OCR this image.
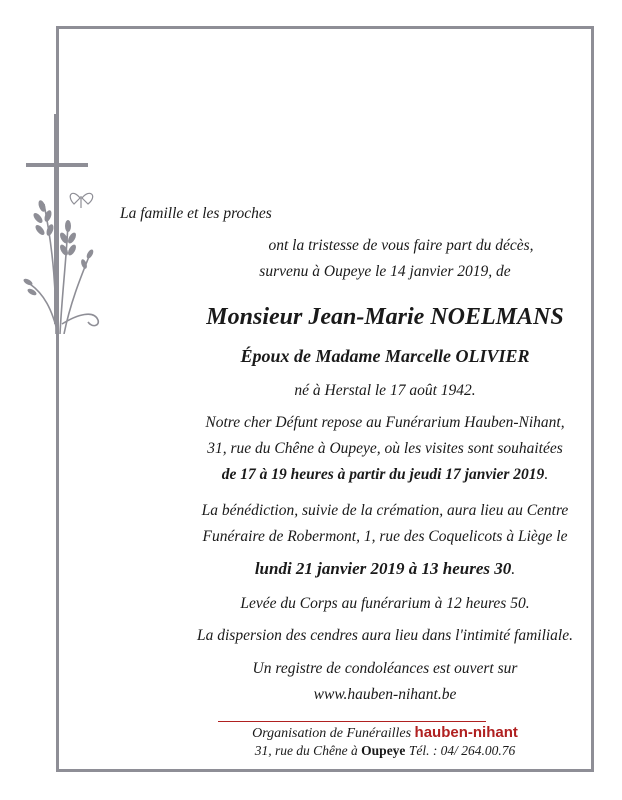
La famille et les proches
ont la tristesse de vous faire part du décès,
survenu à Oupeye le 14 janvier 2019, de
Monsieur Jean-Marie NOELMANS
Époux de Madame Marcelle OLIVIER
né à Herstal le 17 août 1942.
Notre cher Défunt repose au Funérarium Hauben-Nihant,
31, rue du Chêne à Oupeye, où les visites sont souhaitées
de 17 à 19 heures à partir du jeudi 17 janvier 2019.
La bénédiction, suivie de la crémation, aura lieu au Centre
Funéraire de Robermont, 1, rue des Coquelicots à Liège le
lundi 21 janvier 2019 à 13 heures 30.
Levée du Corps au funérarium à 12 heures 50.
La dispersion des cendres aura lieu dans l'intimité familiale.
Un registre de condoléances est ouvert sur
www.hauben-nihant.be
Organisation de Funérailles hauben-nihant
31, rue du Chêne à Oupeye Tél. : 04/ 264.00.76
